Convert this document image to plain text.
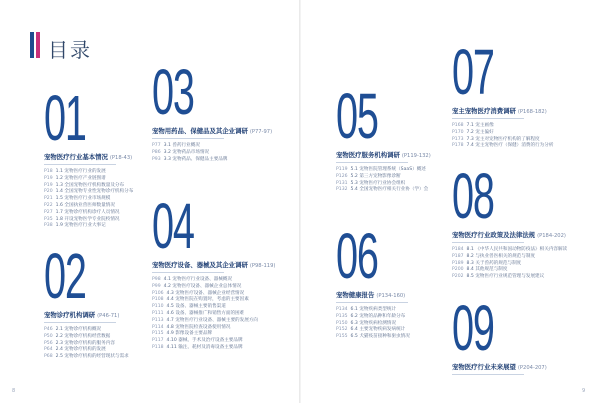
目录
01
宠物医疗行业基本情况 (P18-43)
P18 1.1 宠物医疗行业的发展
P19 1.2 宠物医疗产业链图谱
P19 1.3 全国宠物医疗机构数量及分布
P20 1.4 全国宠物专业性宠物诊疗机构分布
P21 1.5 宠物医疗行业市场规模
P22 1.6 全国执业兽医师数量情况
P27 1.7 宠物诊疗机构诊疗人员情况
P35 1.8 开设宠物医学专业院校情况
P38 1.9 宠物医疗行业大事记
02
宠物诊疗机构调研 (P46-71)
P46 2.1 宠物诊疗机构概况
P50 2.2 宠物诊疗机构经营数据
P56 2.3 宠物诊疗机构的服务内容
P64 2.4 宠物诊疗机构的发展
P68 2.5 宠物诊疗机构的经营现状与需求
03
宠物用药品、保健品及其企业调研 (P77-97)
P77 3.1 兽药行业概况
P86 3.2 宠物药品市场情况
P93 3.3 宠物药品、保健品主要品牌
04
宠物医疗设备、器械及其企业调研 (P98-119)
P98 4.1 宠物医疗行业设备、器械概况
P99 4.2 宠物医疗设备、器械企业总体情况
P106 4.3 宠物医疗设备、器械企业经营情况
P108 4.4 宠物医院在购置时，考虑的主要因素
P110 4.5 设备、器械主要销售渠道
P111 4.6 设备、器械推广和销售方面的困难
P113 4.7 宠物医疗行业设备、器械主要的发展方向
P114 4.8 宠物医院检查设备使用情况
P115 4.9 影像设备主要品牌
P117 4.10 器械、手术及治疗设备主要品牌
P118 4.11 输注、耗材及消毒设备主要品牌
05
宠物医疗服务机构调研 (P119-132)
P119 5.1 宠物医院管理系统（SaaS）概述
P126 5.2 第三方宠物影像诊断
P131 5.3 宠物医疗行业协会组织
P132 5.4 全国宠物医疗相关行业协（学）会
06
宠物健康报告 (P134-160)
P134 6.1 宠物疾病类型统计
P135 6.2 宠物的品种和年龄分布
P150 6.3 宠物疾病检测情况
P152 6.4 主要宠物疾病发病统计
P155 6.5 犬猫疫苗接种和驱虫情况
07
宠主宠物医疗消费调研 (P168-182)
P168 7.1 宠主画像
P170 7.2 宠主偏好
P173 7.3 宠主对宠物医疗机构的了解程度
P178 7.4 宠主宠物医疗（保健）消费的行为分析
08
宠物医疗行业政策及法律法规 (P184-202)
P184 8.1 《中华人民共和国动物防疫法》相关内容解读
P187 8.2 与执业兽医相关的规范与制度
P189 8.3 关于兽药的规范与制度
P200 8.4 其他规范与制度
P202 8.5 宠物医疗行业规范管理与发展建议
09
宠物医疗行业未来展望 (P204-207)
8	9
